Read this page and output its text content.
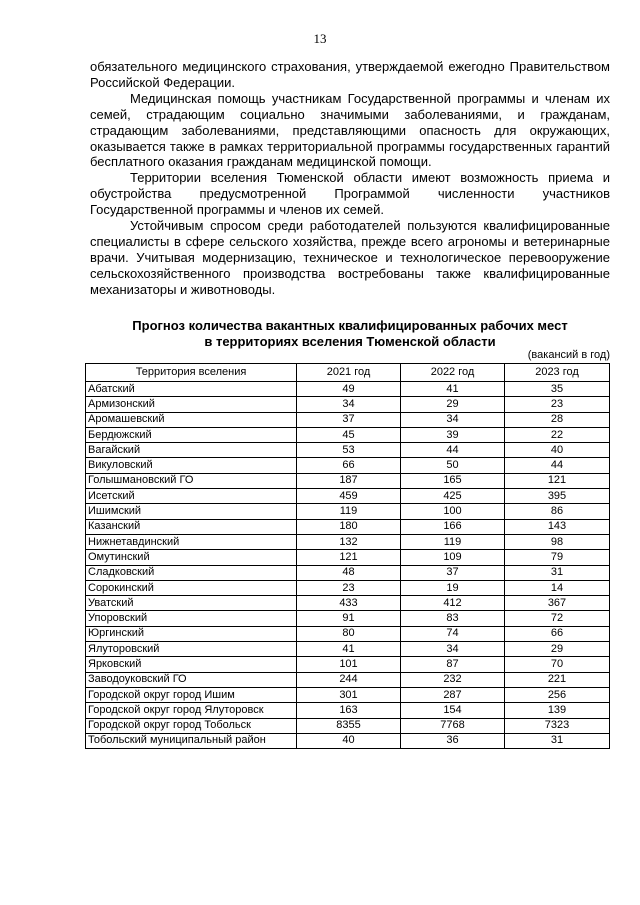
13

обязательного медицинского страхования, утверждаемой ежегодно Правительством Российской Федерации.

Медицинская помощь участникам Государственной программы и членам их семей, страдающим социально значимыми заболеваниями, и гражданам, страдающим заболеваниями, представляющими опасность для окружающих, оказывается также в рамках территориальной программы государственных гарантий бесплатного оказания гражданам медицинской помощи.

Территории вселения Тюменской области имеют возможность приема и обустройства предусмотренной Программой численности участников Государственной программы и членов их семей.

Устойчивым спросом среди работодателей пользуются квалифицированные специалисты в сфере сельского хозяйства, прежде всего агрономы и ветеринарные врачи. Учитывая модернизацию, техническое и технологическое перевооружение сельскохозяйственного производства востребованы также квалифицированные механизаторы и животноводы.

Прогноз количества вакантных квалифицированных рабочих мест
в территориях вселения Тюменской области
(вакансий в год)
Территория вселения	2021 год	2022 год	2023 год
Абатский	49	41	35
Армизонский	34	29	23
Аромашевский	37	34	28
Бердюжский	45	39	22
Вагайский	53	44	40
Викуловский	66	50	44
Голышмановский ГО	187	165	121
Исетский	459	425	395
Ишимский	119	100	86
Казанский	180	166	143
Нижнетавдинский	132	119	98
Омутинский	121	109	79
Сладковский	48	37	31
Сорокинский	23	19	14
Уватский	433	412	367
Упоровский	91	83	72
Юргинский	80	74	66
Ялуторовский	41	34	29
Ярковский	101	87	70
Заводоуковский ГО	244	232	221
Городской округ город Ишим	301	287	256
Городской округ город Ялуторовск	163	154	139
Городской округ город Тобольск	8355	7768	7323
Тобольский муниципальный район	40	36	31
